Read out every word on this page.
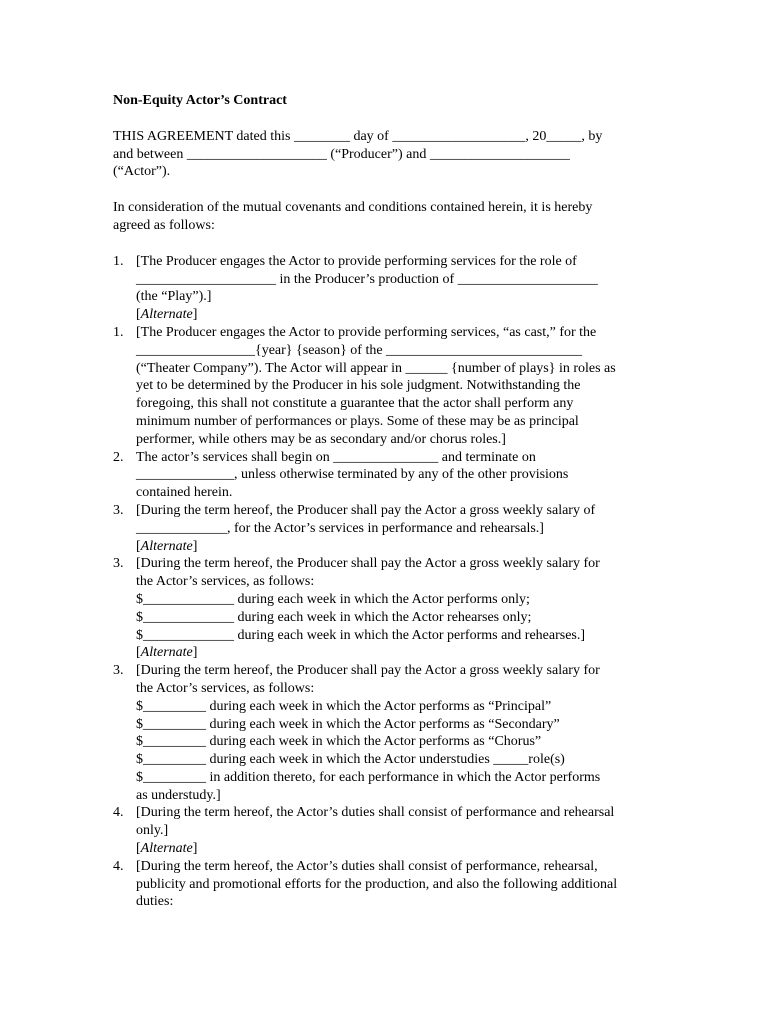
Non-Equity Actor’s Contract
THIS AGREEMENT dated this ________ day of ___________________, 20_____, by
and between ____________________ (“Producer”) and ____________________
(“Actor”).
In consideration of the mutual covenants and conditions contained herein, it is hereby
agreed as follows:
1. [The Producer engages the Actor to provide performing services for the role of
____________________ in the Producer’s production of ____________________
(the “Play”).]
[Alternate]
1. [The Producer engages the Actor to provide performing services, “as cast,” for the
_________________{year} {season} of the ____________________________
(“Theater Company”). The Actor will appear in ______ {number of plays} in roles as
yet to be determined by the Producer in his sole judgment. Notwithstanding the
foregoing, this shall not constitute a guarantee that the actor shall perform any
minimum number of performances or plays. Some of these may be as principal
performer, while others may be as secondary and/or chorus roles.]
2. The actor’s services shall begin on _______________ and terminate on
______________, unless otherwise terminated by any of the other provisions
contained herein.
3. [During the term hereof, the Producer shall pay the Actor a gross weekly salary of
_____________, for the Actor’s services in performance and rehearsals.]
[Alternate]
3. [During the term hereof, the Producer shall pay the Actor a gross weekly salary for
the Actor’s services, as follows:
$_____________ during each week in which the Actor performs only;
$_____________ during each week in which the Actor rehearses only;
$_____________ during each week in which the Actor performs and rehearses.]
[Alternate]
3. [During the term hereof, the Producer shall pay the Actor a gross weekly salary for
the Actor’s services, as follows:
$_________ during each week in which the Actor performs as “Principal”
$_________ during each week in which the Actor performs as “Secondary”
$_________ during each week in which the Actor performs as “Chorus”
$_________ during each week in which the Actor understudies _____role(s)
$_________ in addition thereto, for each performance in which the Actor performs
as understudy.]
4. [During the term hereof, the Actor’s duties shall consist of performance and rehearsal
only.]
[Alternate]
4. [During the term hereof, the Actor’s duties shall consist of performance, rehearsal,
publicity and promotional efforts for the production, and also the following additional
duties:
